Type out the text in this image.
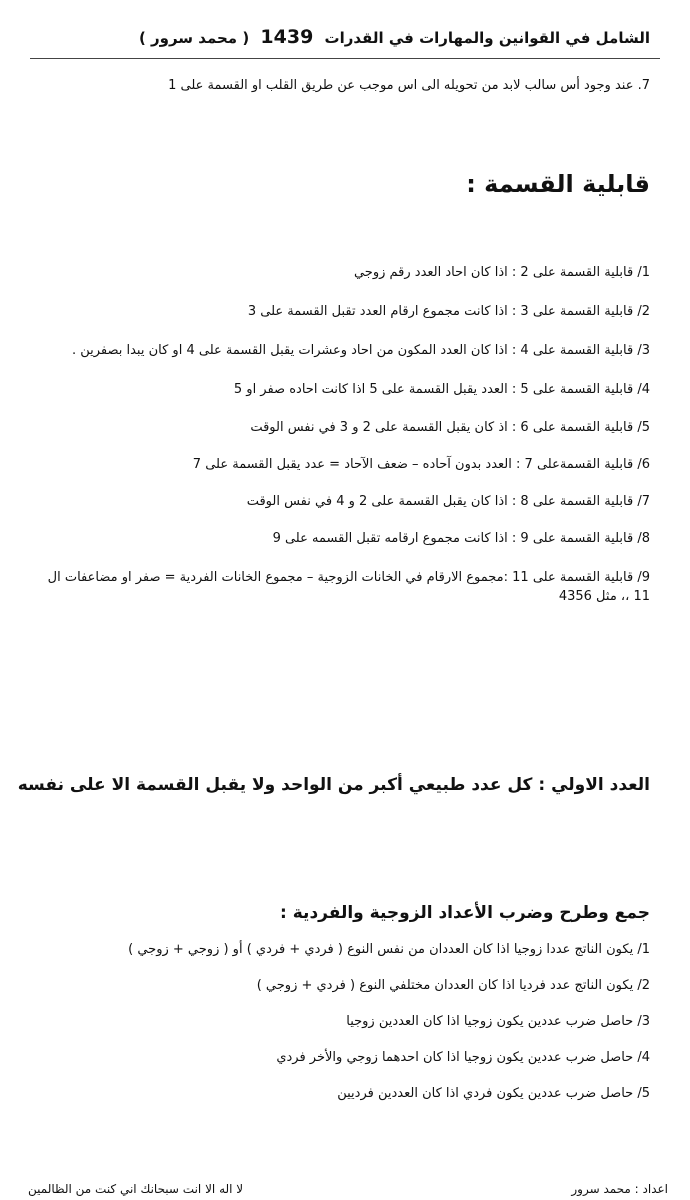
الشامل في القوانين والمهارات في القدرات 1439 ( محمد سرور )
7. عند وجود أس سالب لابد من تحويله الى اس موجب عن طريق القلب او القسمة على 1
قابلية القسمة :
1/ قابلية القسمة على 2 : اذا كان احاد العدد رقم زوجي
2/ قابلية القسمة على 3 : اذا كانت مجموع ارقام العدد تقبل القسمة على 3
3/ قابلية القسمة على 4 : اذا كان العدد المكون من احاد وعشرات يقبل القسمة على 4 او كان يبدا بصفرين .
4/ قابلية القسمة على 5 : العدد يقبل القسمة على 5 اذا كانت احاده صفر او 5
5/ قابلية القسمة على 6 : اذ كان يقبل القسمة على 2 و 3 في نفس الوقت
6/ قابلية القسمةعلى 7 : العدد بدون آحاده – ضعف الآحاد = عدد يقبل القسمة على 7
7/ قابلية القسمة على 8 : اذا كان يقبل القسمة على 2 و 4 في نفس الوقت
8/ قابلية القسمة على 9 : اذا كانت مجموع ارقامه تقبل القسمه على 9
9/ قابلية القسمة على 11 :مجموع الارقام في الخانات الزوجية – مجموع الخانات الفردية = صفر او مضاعفات ال 11 ،، مثل 4356
العدد الاولي : كل عدد طبيعي أكبر من الواحد ولا يقبل القسمة الا على نفسه
جمع وطرح وضرب الأعداد الزوجية والفردية :
1/ يكون الناتج عددا زوجيا اذا كان العددان من نفس النوع ( فردي + فردي ) أو ( زوجي + زوجي )
2/ يكون الناتج عدد فرديا اذا كان العددان مختلفي النوع ( فردي + زوجي )
3/ حاصل ضرب عددين يكون زوجيا اذا كان العددين زوجيا
4/ حاصل ضرب عددين يكون زوجيا اذا كان احدهما زوجي والأخر فردي
5/ حاصل ضرب عددين يكون فردي اذا كان العددين فرديين
اعداد : محمد سرور
لا اله الا انت سبحانك اني كنت من الظالمين
